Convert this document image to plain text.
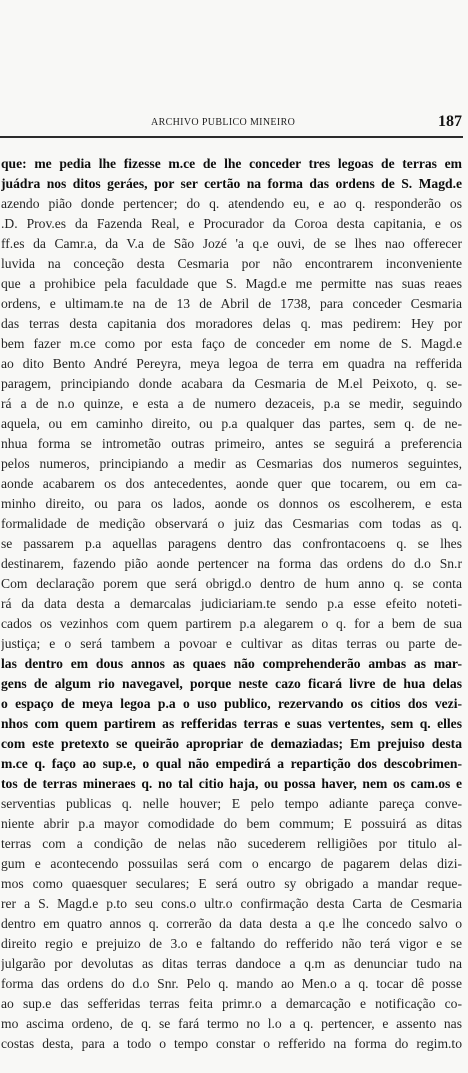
ARCHIVO PUBLICO MINEIRO	187
que: me pedia lhe fizesse m.ce de lhe conceder tres legoas de terras em
juádra nos ditos geráes, por ser certão na forma das ordens de S. Magd.e
azendo pião donde pertencer; do q. atendendo eu, e ao q. responderão os
.D. Prov.es da Fazenda Real, e Procurador da Coroa desta capitania, e os
ff.es da Camr.a, da V.a de São Jozé 'a q.e ouvi, de se lhes nao offerecer
luvida na conceção desta Cesmaria por não encontrarem inconveniente
que a prohibice pela faculdade que S. Magd.e me permitte nas suas reaes
ordens, e ultimam.te na de 13 de Abril de 1738, para conceder Cesmaria
das terras desta capitania dos moradores delas q. mas pedirem: Hey por
bem fazer m.ce como por esta faço de conceder em nome de S. Magd.e
ao dito Bento André Pereyra, meya legoa de terra em quadra na refferida
paragem, principiando donde acabara da Cesmaria de M.el Peixoto, q. se-
rá a de n.o quinze, e esta a de numero dezaceis, p.a se medir, seguindo
aquela, ou em caminho direito, ou p.a qualquer das partes, sem q. de ne-
nhua forma se intrometão outras primeiro, antes se seguirá a preferencia
pelos numeros, principiando a medir as Cesmarias dos numeros seguintes,
aonde acabarem os dos antecedentes, aonde quer que tocarem, ou em ca-
minho direito, ou para os lados, aonde os donnos os escolherem, e esta
formalidade de medição observará o juiz das Cesmarias com todas as q.
se passarem p.a aquellas paragens dentro das confrontacoens q. se lhes
destinarem, fazendo pião aonde pertencer na forma das ordens do d.o Sn.r
Com declaração porem que será obrigd.o dentro de hum anno q. se conta
rá da data desta a demarcalas judiciariam.te sendo p.a esse efeito noteti-
cados os vezinhos com quem partirem p.a alegarem o q. for a bem de sua
justiça; e o será tambem a povoar e cultivar as ditas terras ou parte de-
las dentro em dous annos as quaes não comprehenderão ambas as mar-
gens de algum rio navegavel, porque neste cazo ficará livre de hua delas
o espaço de meya legoa p.a o uso publico, rezervando os citios dos vezi-
nhos com quem partirem as refferidas terras e suas vertentes, sem q. elles
com este pretexto se queirão apropriar de demaziadas; Em prejuiso desta
m.ce q. faço ao sup.e, o qual não empedirá a repartição dos descobrimen-
tos de terras mineraes q. no tal citio haja, ou possa haver, nem os cam.os e
serventias publicas q. nelle houver; E pelo tempo adiante pareça conve-
niente abrir p.a mayor comodidade do bem commum; E possuirá as ditas
terras com a condição de nelas não sucederem relligiões por titulo al-
gum e acontecendo possuilas será com o encargo de pagarem delas dizi-
mos como quaesquer seculares; E será outro sy obrigado a mandar reque-
rer a S. Magd.e p.to seu cons.o ultr.o confirmação desta Carta de Cesmaria
dentro em quatro annos q. correrão da data desta a q.e lhe concedo salvo o
direito regio e prejuizo de 3.o e faltando do refferido não terá vigor e se
julgarão por devolutas as ditas terras dandoce a q.m as denunciar tudo na
forma das ordens do d.o Snr. Pelo q. mando ao Men.o a q. tocar dê posse
ao sup.e das sefferidas terras feita primr.o a demarcação e notificação co-
mo ascima ordeno, de q. se fará termo no l.o a q. pertencer, e assento nas
costas desta, para a todo o tempo constar o refferido na forma do regim.to
